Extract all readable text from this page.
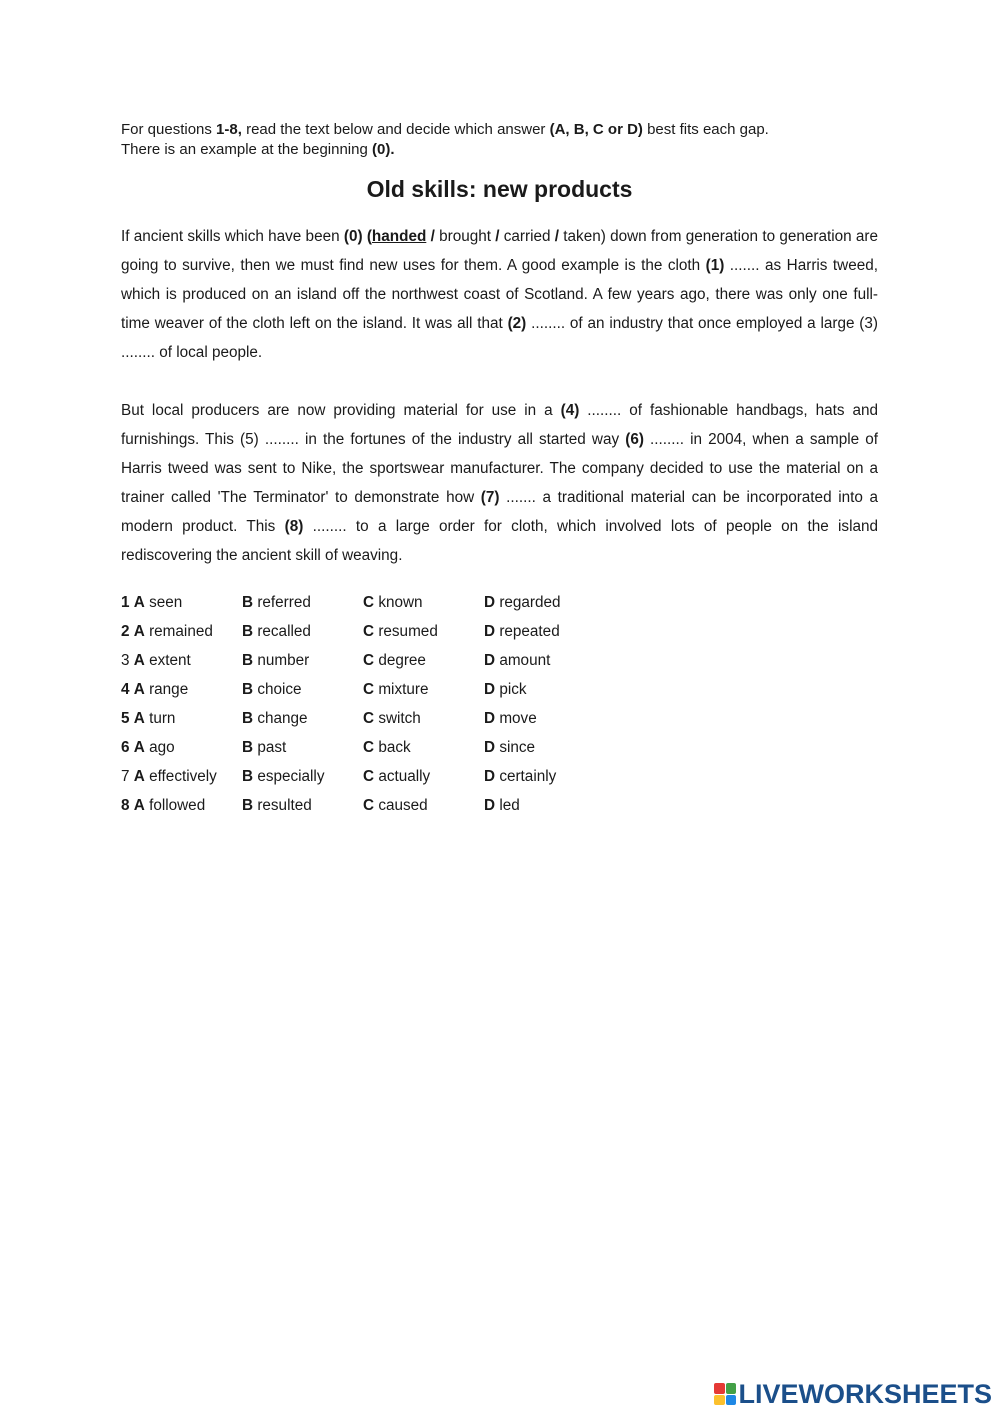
For questions 1-8, read the text below and decide which answer (A, B, C or D) best fits each gap.
There is an example at the beginning (0).

Old skills: new products

If ancient skills which have been (0) (handed / brought / carried / taken) down from generation to generation are going to survive, then we must find new uses for them. A good example is the cloth (1) ....... as Harris tweed, which is produced on an island off the northwest coast of Scotland. A few years ago, there was only one full-time weaver of the cloth left on the island. It was all that (2) ........ of an industry that once employed a large (3) ........ of local people.

But local producers are now providing material for use in a (4) ........ of fashionable handbags, hats and furnishings. This (5) ........ in the fortunes of the industry all started way (6) ........ in 2004, when a sample of Harris tweed was sent to Nike, the sportswear manufacturer. The company decided to use the material on a trainer called 'The Terminator' to demonstrate how (7) ....... a traditional material can be incorporated into a modern product. This (8) ........ to a large order for cloth, which involved lots of people on the island rediscovering the ancient skill of weaving.

1 A seen	B referred	C known	D regarded
2 A remained	B recalled	C resumed	D repeated
3 A extent	B number	C degree	D amount
4 A range	B choice	C mixture	D pick
5 A turn	B change	C switch	D move
6 A ago	B past	C back	D since
7 A effectively	B especially	C actually	D certainly
8 A followed	B resulted	C caused	D led
LIVEWORKSHEETS
